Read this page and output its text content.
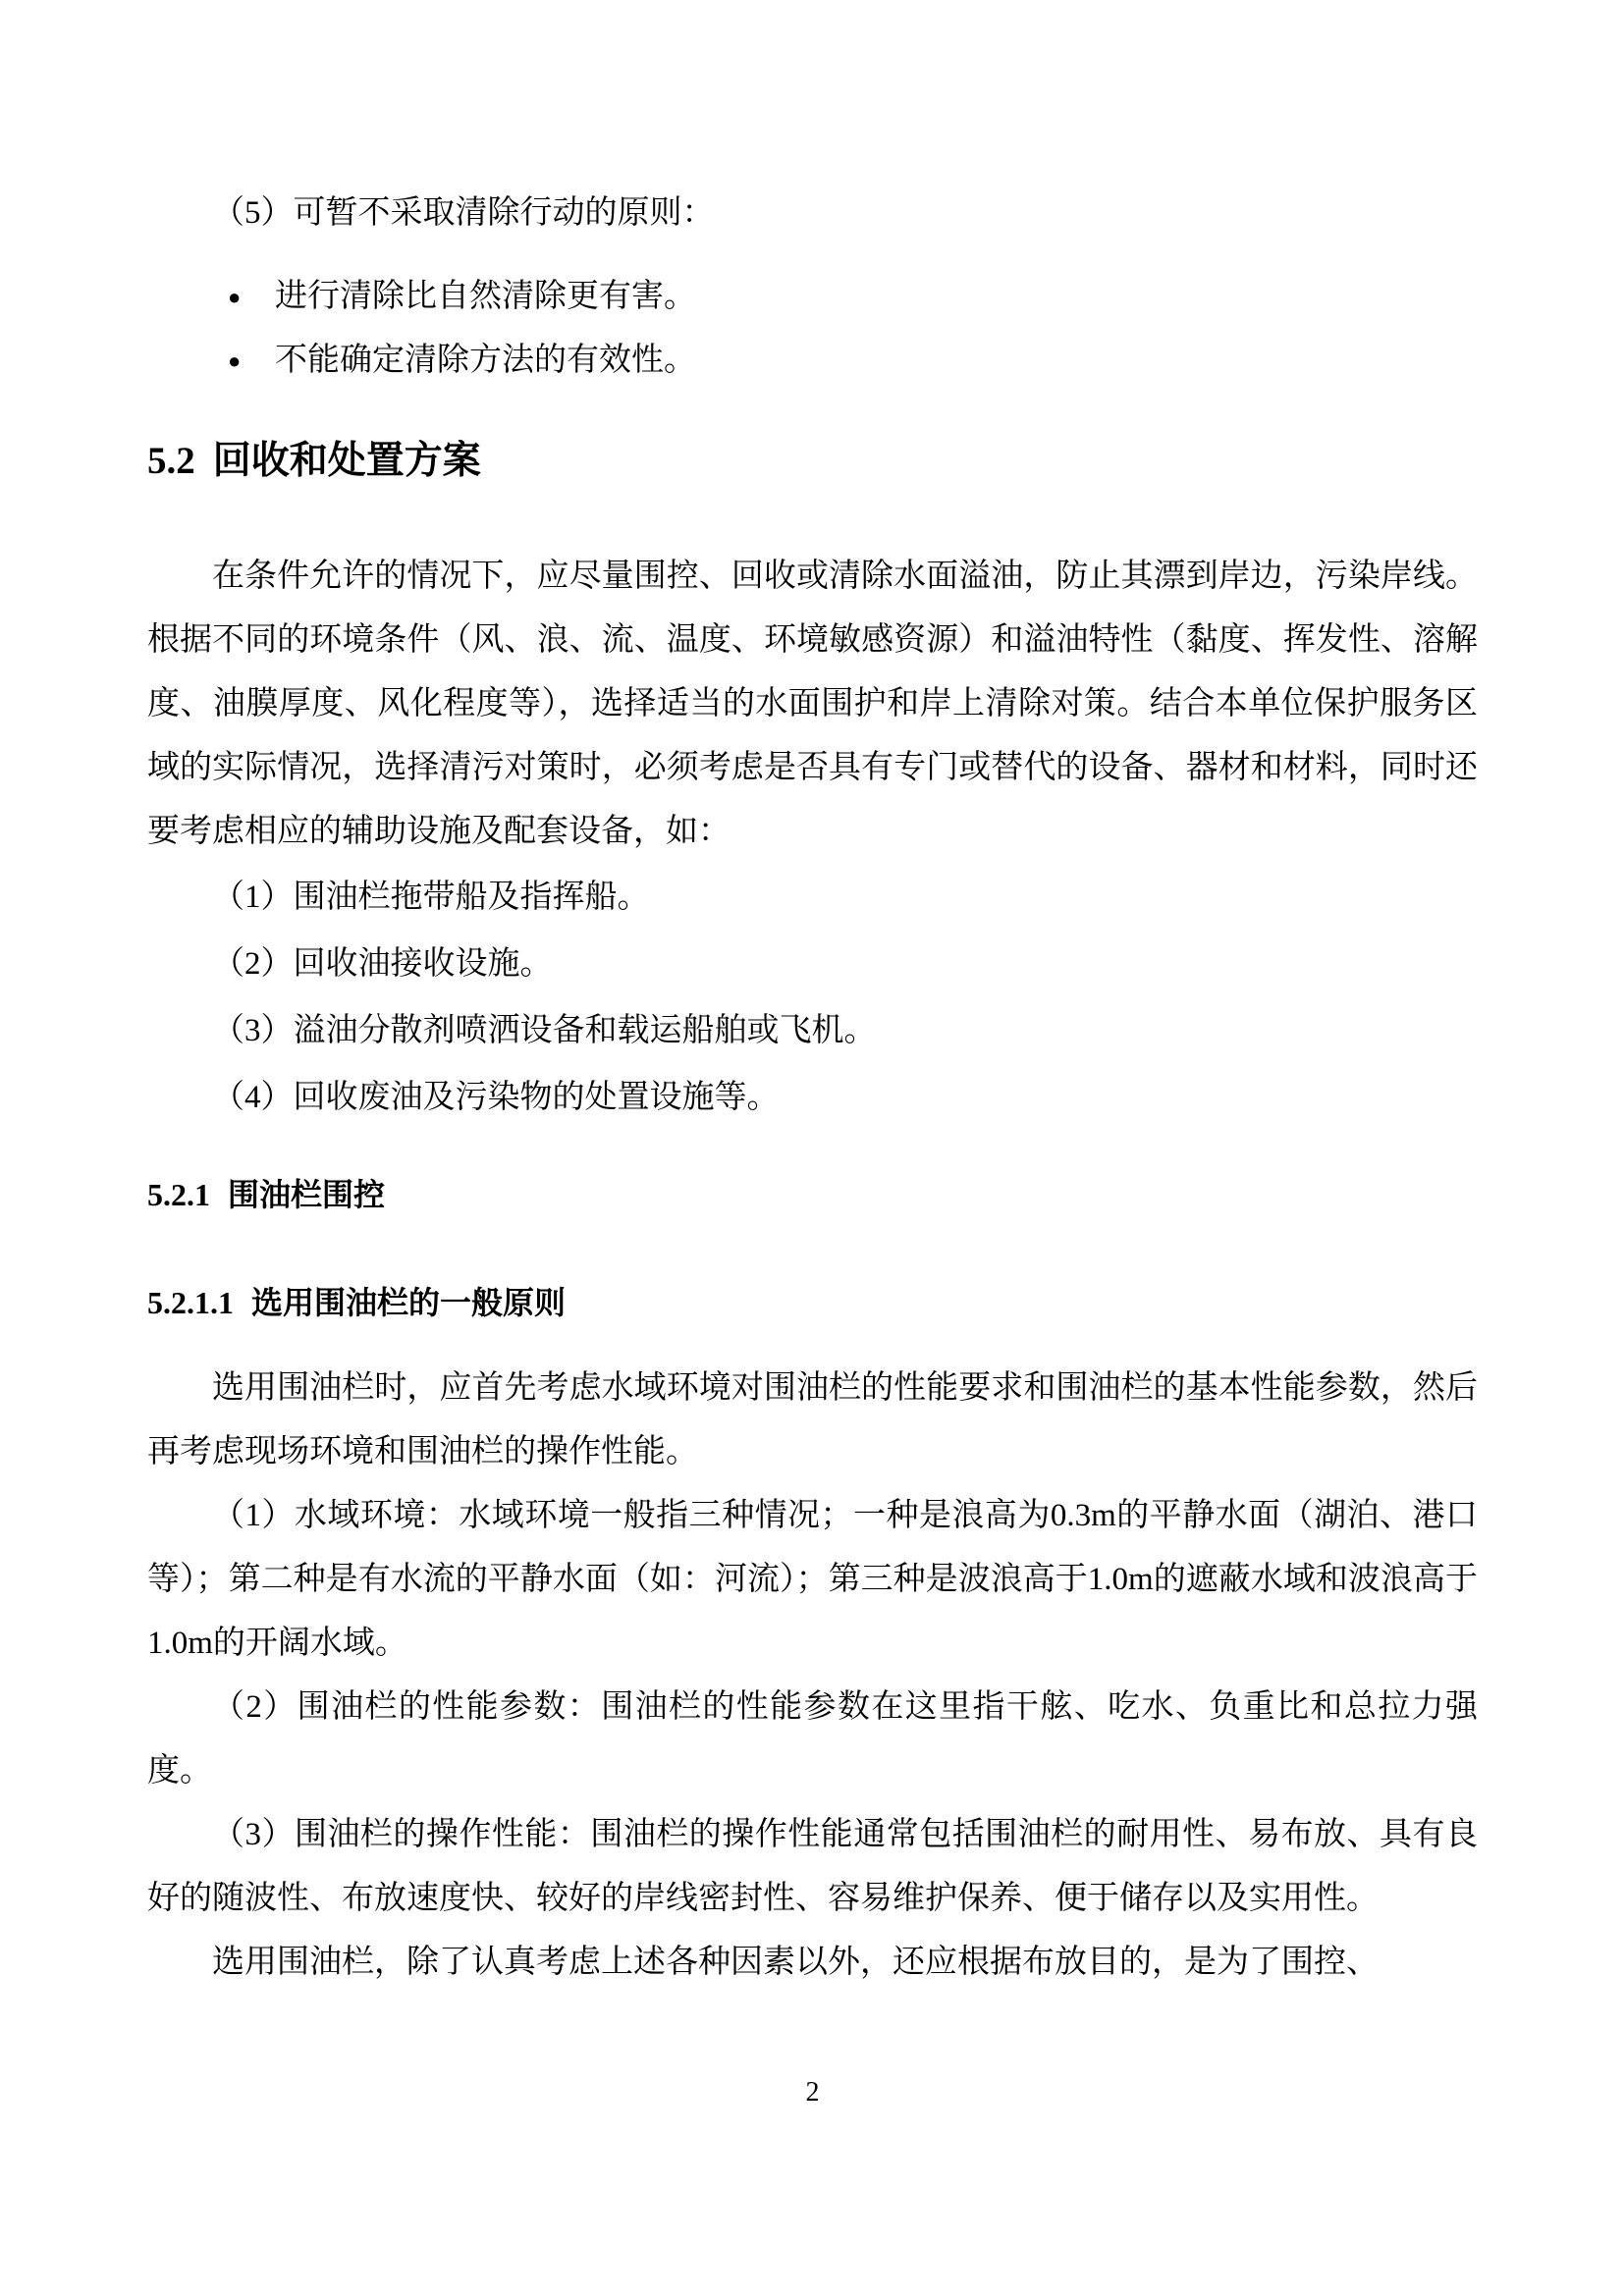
（5）可暂不采取清除行动的原则：

● 进行清除比自然清除更有害。
● 不能确定清除方法的有效性。
5.2 回收和处置方案

在条件允许的情况下，应尽量围控、回收或清除水面溢油，防止其漂到岸边，污染岸线。根据不同的环境条件（风、浪、流、温度、环境敏感资源）和溢油特性（黏度、挥发性、溶解度、油膜厚度、风化程度等），选择适当的水面围护和岸上清除对策。结合本单位保护服务区域的实际情况，选择清污对策时，必须考虑是否具有专门或替代的设备、器材和材料，同时还要考虑相应的辅助设施及配套设备，如：

（1）围油栏拖带船及指挥船。

（2）回收油接收设施。

（3）溢油分散剂喷洒设备和载运船舶或飞机。

（4）回收废油及污染物的处置设施等。

5.2.1 围油栏围控
5.2.1.1 选用围油栏的一般原则

选用围油栏时，应首先考虑水域环境对围油栏的性能要求和围油栏的基本性能参数，然后再考虑现场环境和围油栏的操作性能。

（1）水域环境：水域环境一般指三种情况；一种是浪高为0.3m的平静水面（湖泊、港口等）；第二种是有水流的平静水面（如：河流）；第三种是波浪高于1.0m的遮蔽水域和波浪高于1.0m的开阔水域。

（2）围油栏的性能参数：围油栏的性能参数在这里指干舷、吃水、负重比和总拉力强度。

（3）围油栏的操作性能：围油栏的操作性能通常包括围油栏的耐用性、易布放、具有良好的随波性、布放速度快、较好的岸线密封性、容易维护保养、便于储存以及实用性。

选用围油栏，除了认真考虑上述各种因素以外，还应根据布放目的，是为了围控、

2
